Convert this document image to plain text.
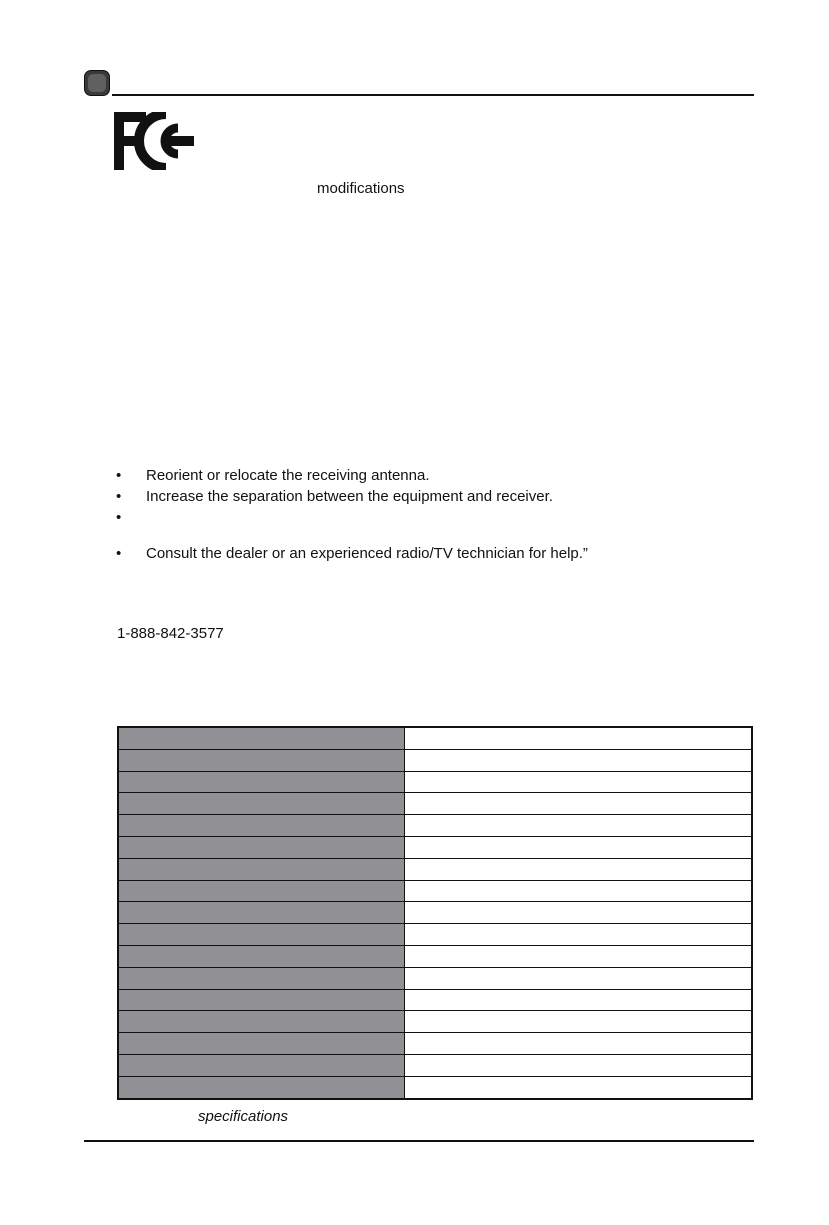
modifications
• Reorient or relocate the receiving antenna.
• Increase the separation between the equipment and receiver.
•
• Consult the dealer or an experienced radio/TV technician for help.”
1-888-842-3577

specifications
